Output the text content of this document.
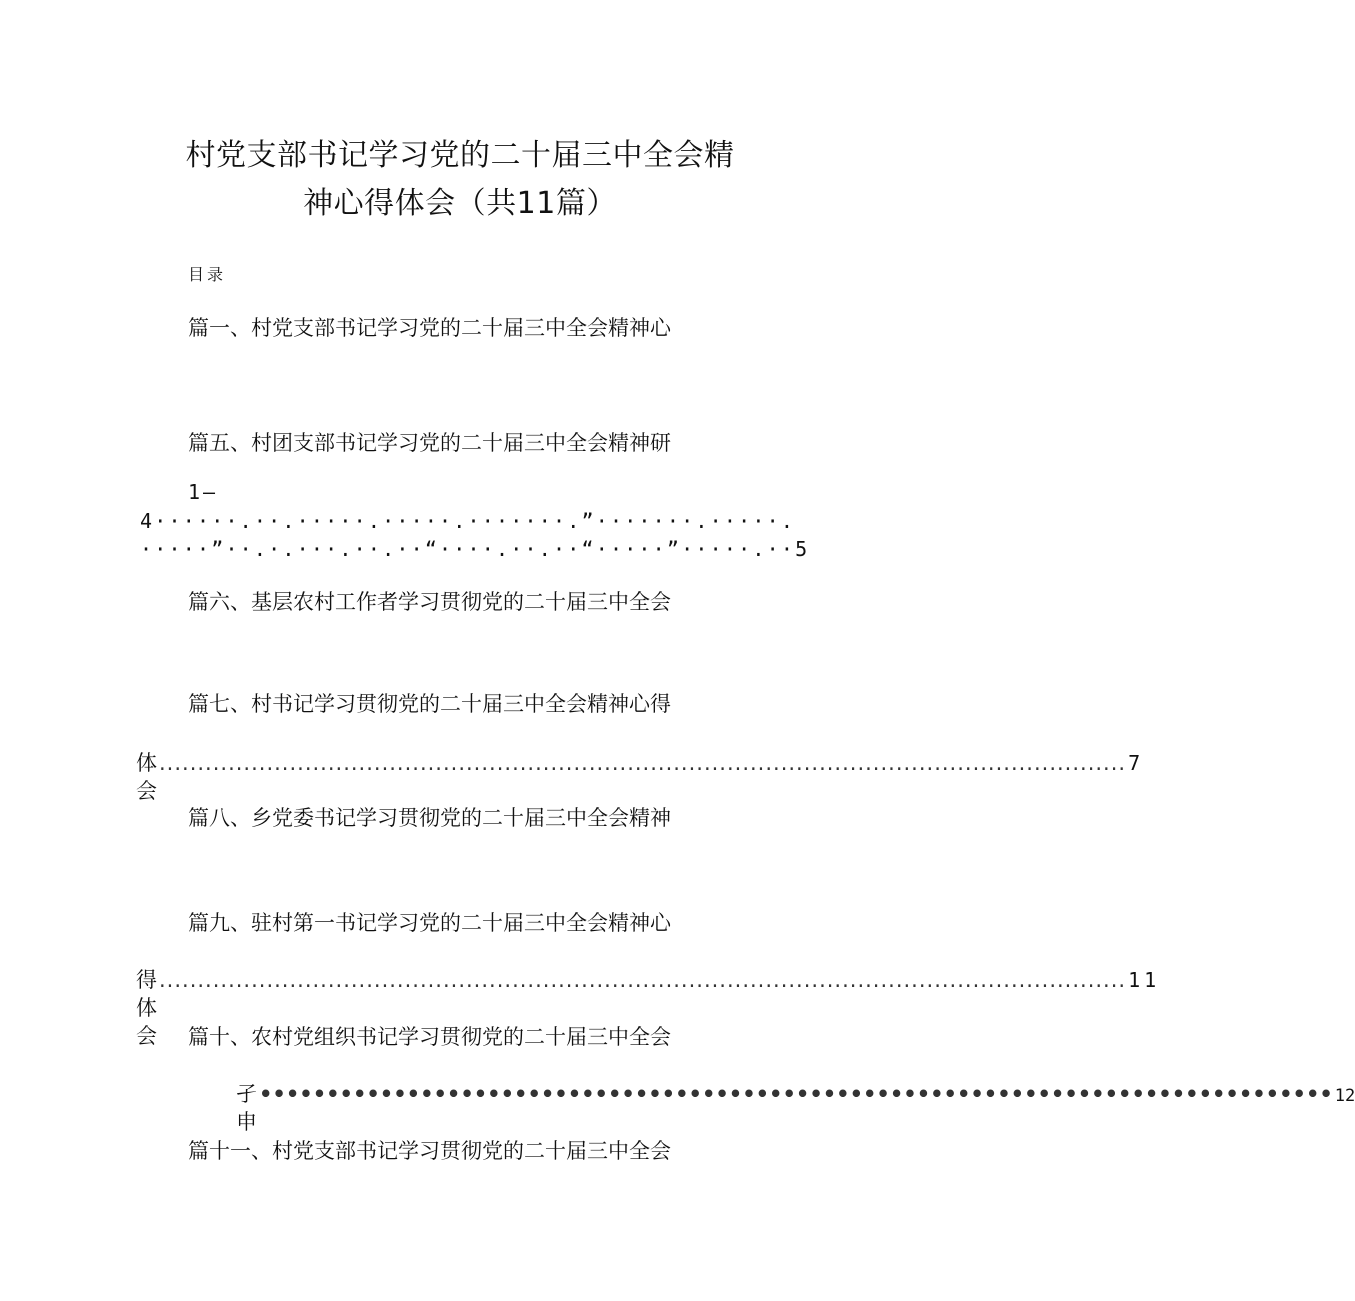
村党支部书记学习党的二十届三中全会精
神心得体会（共11篇）
目录
篇一、村党支部书记学习党的二十届三中全会精神心
篇五、村团支部书记学习党的二十届三中全会精神研
1—
4······.··.·····.·····.·······.”·······.·····.
·····”··.·.···.··.··“····.··.··“·····”·····.··5
篇六、基层农村工作者学习贯彻党的二十届三中全会
篇七、村书记学习贯彻党的二十届三中全会精神心得
体会
.............................................................................................................................. 7
篇八、乡党委书记学习贯彻党的二十届三中全会精神
篇九、驻村第一书记学习党的二十届三中全会精神心
得体会
.............................................................................................................................. 11
篇十、农村党组织书记学习贯彻党的二十届三中全会
孑申
•••••••••••••••••••••••••••••••••••••••••••••••••••••••••••••••••••••••••••••••• 12
篇十一、村党支部书记学习贯彻党的二十届三中全会
